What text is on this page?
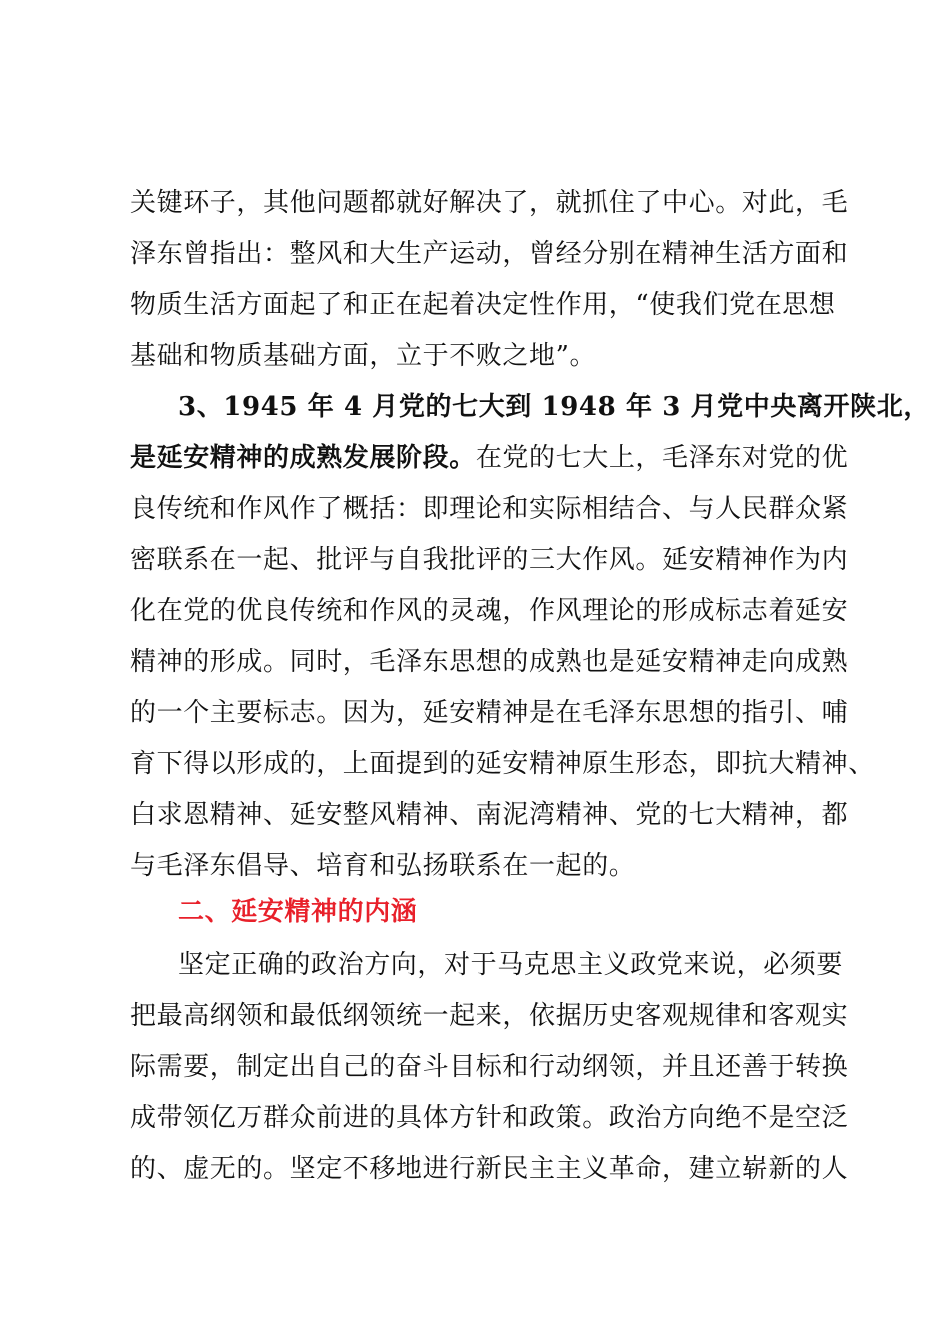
关键环子，其他问题都就好解决了，就抓住了中心。对此，毛
泽东曾指出：整风和大生产运动，曾经分别在精神生活方面和
物质生活方面起了和正在起着决定性作用，“使我们党在思想
基础和物质基础方面，立于不败之地”。
3、1945 年 4 月党的七大到 1948 年 3 月党中央离开陕北，
是延安精神的成熟发展阶段。在党的七大上，毛泽东对党的优
良传统和作风作了概括：即理论和实际相结合、与人民群众紧
密联系在一起、批评与自我批评的三大作风。延安精神作为内
化在党的优良传统和作风的灵魂，作风理论的形成标志着延安
精神的形成。同时，毛泽东思想的成熟也是延安精神走向成熟
的一个主要标志。因为，延安精神是在毛泽东思想的指引、哺
育下得以形成的，上面提到的延安精神原生形态，即抗大精神、
白求恩精神、延安整风精神、南泥湾精神、党的七大精神，都
与毛泽东倡导、培育和弘扬联系在一起的。
二、延安精神的内涵
坚定正确的政治方向，对于马克思主义政党来说，必须要
把最高纲领和最低纲领统一起来，依据历史客观规律和客观实
际需要，制定出自己的奋斗目标和行动纲领，并且还善于转换
成带领亿万群众前进的具体方针和政策。政治方向绝不是空泛
的、虚无的。坚定不移地进行新民主主义革命，建立崭新的人
